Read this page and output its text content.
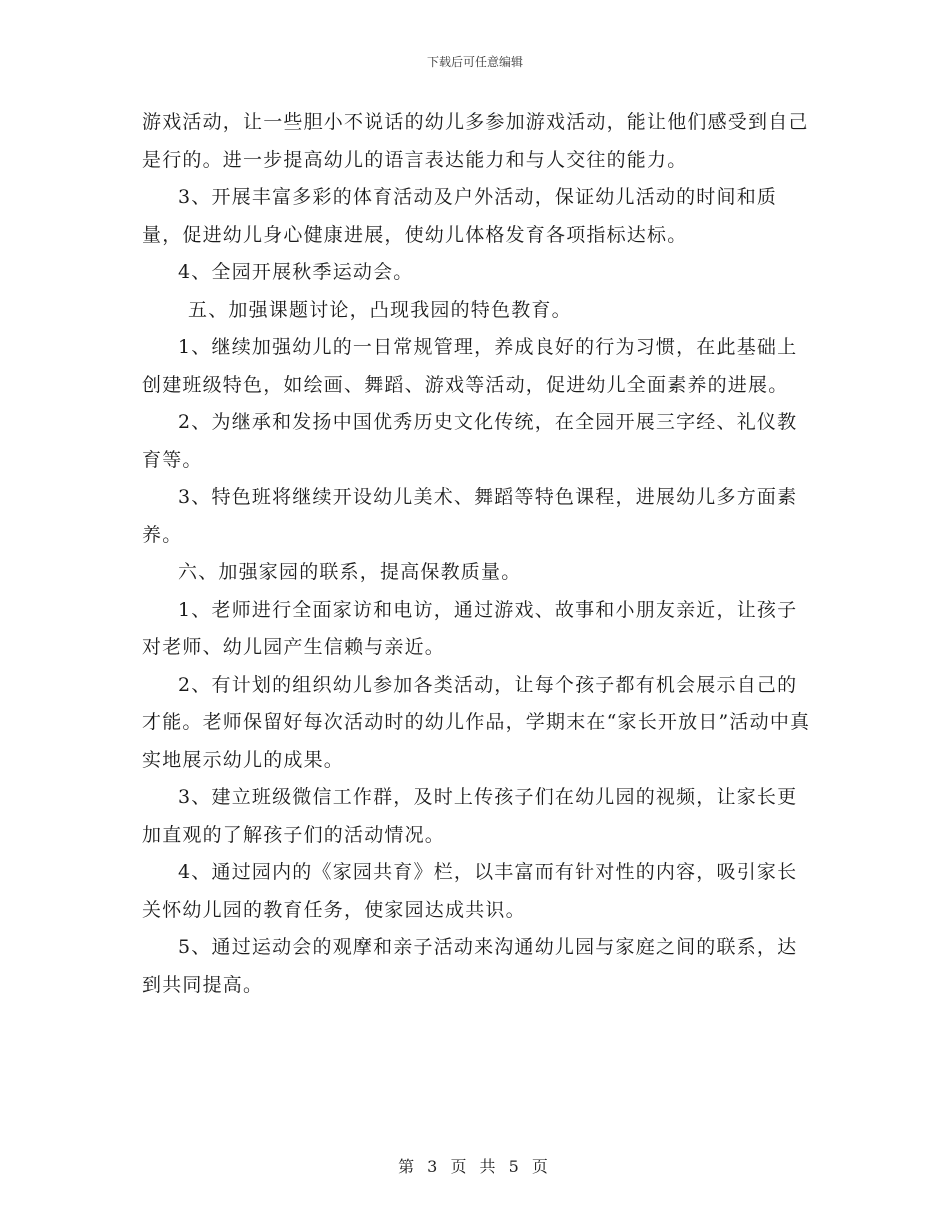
下载后可任意编辑

游戏活动，让一些胆小不说话的幼儿多参加游戏活动，能让他们感受到自己是行的。进一步提高幼儿的语言表达能力和与人交往的能力。

3、开展丰富多彩的体育活动及户外活动，保证幼儿活动的时间和质量，促进幼儿身心健康进展，使幼儿体格发育各项指标达标。

4、全园开展秋季运动会。

五、加强课题讨论，凸现我园的特色教育。

1、继续加强幼儿的一日常规管理，养成良好的行为习惯，在此基础上创建班级特色，如绘画、舞蹈、游戏等活动，促进幼儿全面素养的进展。

2、为继承和发扬中国优秀历史文化传统，在全园开展三字经、礼仪教育等。

3、特色班将继续开设幼儿美术、舞蹈等特色课程，进展幼儿多方面素养。

六、加强家园的联系，提高保教质量。

1、老师进行全面家访和电访，通过游戏、故事和小朋友亲近，让孩子对老师、幼儿园产生信赖与亲近。

2、有计划的组织幼儿参加各类活动，让每个孩子都有机会展示自己的才能。老师保留好每次活动时的幼儿作品，学期末在“家长开放日”活动中真实地展示幼儿的成果。

3、建立班级微信工作群，及时上传孩子们在幼儿园的视频，让家长更加直观的了解孩子们的活动情况。

4、通过园内的《家园共育》栏，以丰富而有针对性的内容，吸引家长关怀幼儿园的教育任务，使家园达成共识。

5、通过运动会的观摩和亲子活动来沟通幼儿园与家庭之间的联系，达到共同提高。

第 3 页 共 5 页
